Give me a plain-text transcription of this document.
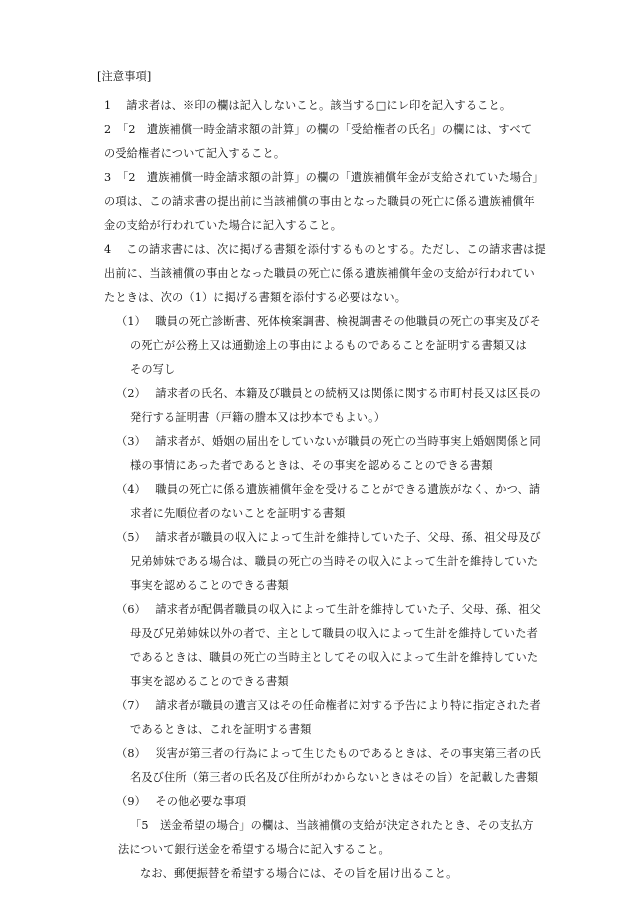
[注意事項]
1　 請求者は、※印の欄は記入しないこと。該当する□にレ印を記入すること。
2　「2　遺族補償一時金請求額の計算」の欄の「受給権者の氏名」の欄には、すべて
の受給権者について記入すること。
3　「2　遺族補償一時金請求額の計算」の欄の「遺族補償年金が支給されていた場合」
の項は、この請求書の提出前に当該補償の事由となった職員の死亡に係る遺族補償年
金の支給が行われていた場合に記入すること。
4　 この請求書には、次に掲げる書類を添付するものとする。ただし、この請求書は提
出前に、当該補償の事由となった職員の死亡に係る遺族補償年金の支給が行われてい
たときは、次の（1）に掲げる書類を添付する必要はない。
（1）　 職員の死亡診断書、死体検案調書、検視調書その他職員の死亡の事実及びそ
の死亡が公務上又は通勤途上の事由によるものであることを証明する書類又は
その写し
（2）　 請求者の氏名、本籍及び職員との続柄又は関係に関する市町村長又は区長の
発行する証明書（戸籍の謄本又は抄本でもよい。）
（3）　 請求者が、婚姻の届出をしていないが職員の死亡の当時事実上婚姻関係と同
様の事情にあった者であるときは、その事実を認めることのできる書類
（4）　 職員の死亡に係る遺族補償年金を受けることができる遺族がなく、かつ、請
求者に先順位者のないことを証明する書類
（5）　 請求者が職員の収入によって生計を維持していた子、父母、孫、祖父母及び
兄弟姉妹である場合は、職員の死亡の当時その収入によって生計を維持していた
事実を認めることのできる書類
（6）　 請求者が配偶者職員の収入によって生計を維持していた子、父母、孫、祖父
母及び兄弟姉妹以外の者で、主として職員の収入によって生計を維持していた者
であるときは、職員の死亡の当時主としてその収入によって生計を維持していた
事実を認めることのできる書類
（7）　 請求者が職員の遺言又はその任命権者に対する予告により特に指定された者
であるときは、これを証明する書類
（8）　 災害が第三者の行為によって生じたものであるときは、その事実第三者の氏
名及び住所（第三者の氏名及び住所がわからないときはその旨）を記載した書類
（9）　 その他必要な事項
「5　送金希望の場合」の欄は、当該補償の支給が決定されたとき、その支払方
法について銀行送金を希望する場合に記入すること。
なお、郵便振替を希望する場合には、その旨を届け出ること。
